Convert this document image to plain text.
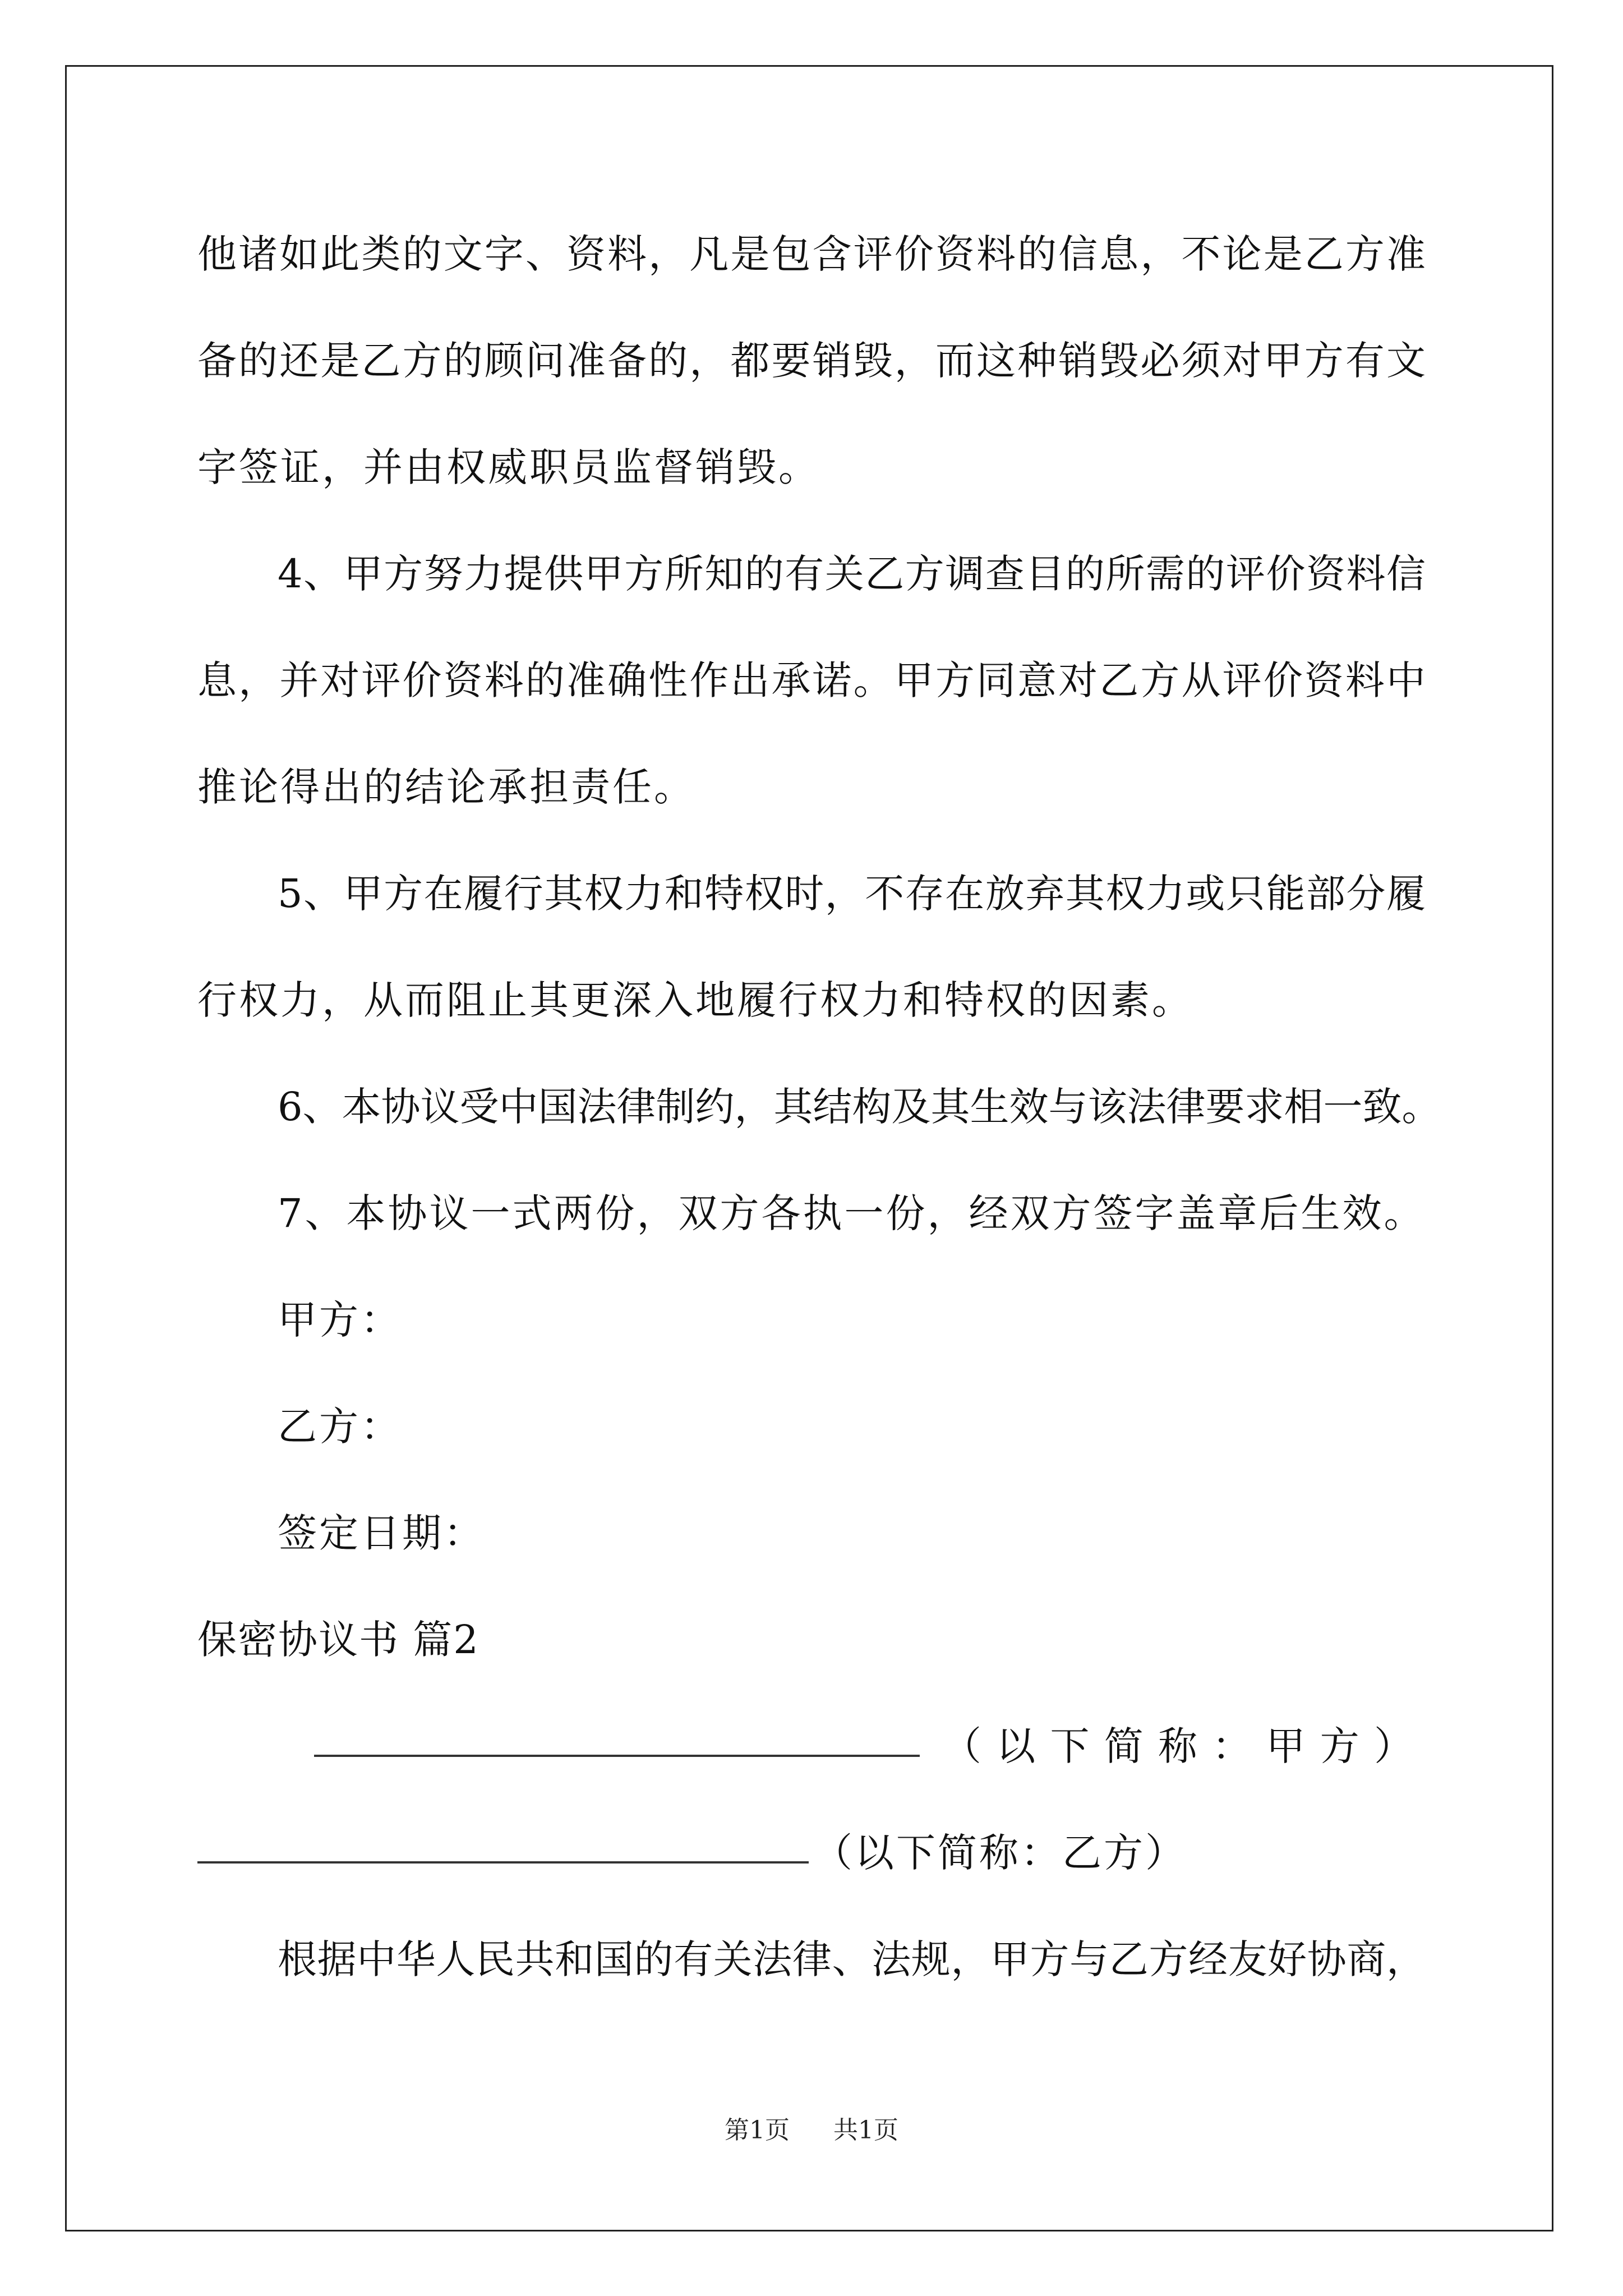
他诸如此类的文字、资料，凡是包含评价资料的信息，不论是乙方准
备的还是乙方的顾问准备的，都要销毁，而这种销毁必须对甲方有文
字签证，并由权威职员监督销毁。
4、甲方努力提供甲方所知的有关乙方调查目的所需的评价资料信
息，并对评价资料的准确性作出承诺。甲方同意对乙方从评价资料中
推论得出的结论承担责任。
5、甲方在履行其权力和特权时，不存在放弃其权力或只能部分履
行权力，从而阻止其更深入地履行权力和特权的因素。
6、本协议受中国法律制约，其结构及其生效与该法律要求相一致。
7、本协议一式两份，双方各执一份，经双方签字盖章后生效。
甲方：
乙方：
签定日期：
保密协议书 篇2
（以下简称：甲方）
（以下简称：乙方）
根据中华人民共和国的有关法律、法规，甲方与乙方经友好协商，
第1页 共1页
